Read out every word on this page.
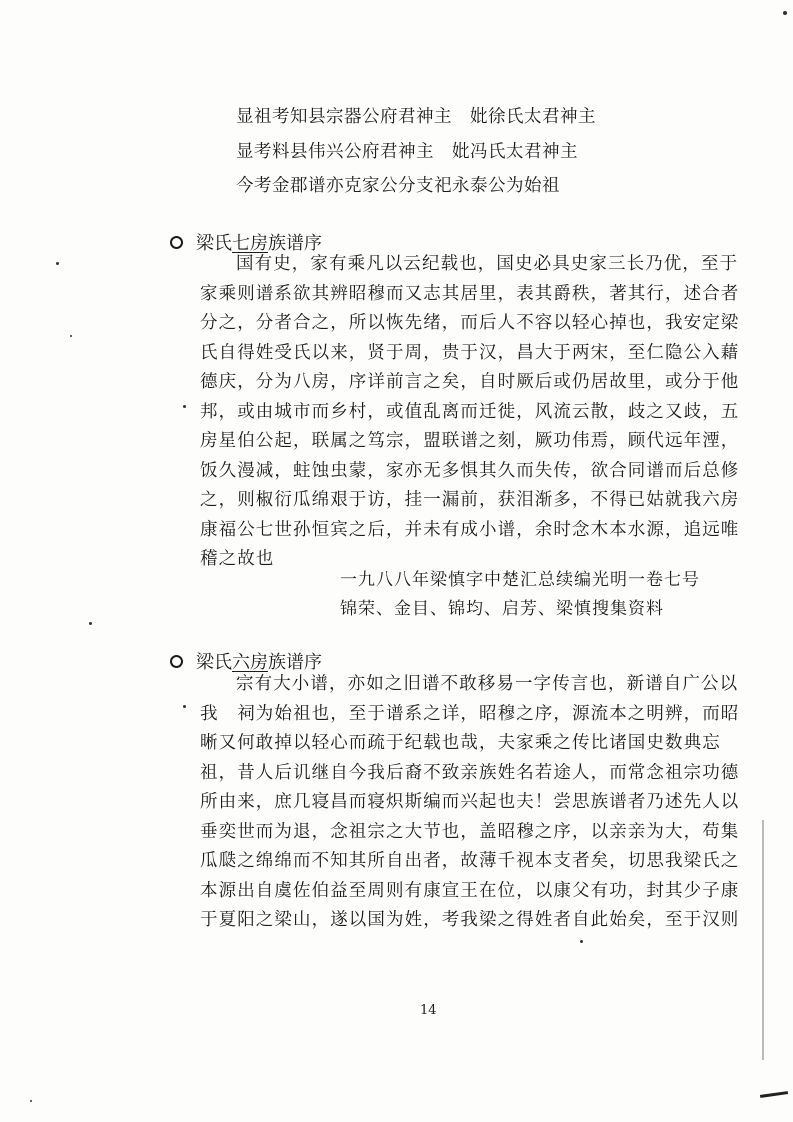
显祖考知县宗器公府君神主　妣徐氏太君神主
显考料县伟兴公府君神主　妣冯氏太君神主
今考金郡谱亦克家公分支祀永泰公为始祖
梁氏 七房 族谱序
国有史，家有乘凡以云纪载也，国史必具史家三长乃优，至于
家乘则谱系欲其辨昭穆而又志其居里，表其爵秩，著其行，述合者
分之，分者合之，所以恢先绪，而后人不容以轻心掉也，我安定梁
氏自得姓受氏以来，贤于周，贵于汉，昌大于两宋，至仁隐公入藉
德庆，分为八房，序详前言之矣，自时厥后或仍居故里，或分于他
邦，或由城市而乡村，或值乱离而迁徙，风流云散，歧之又歧，五
房星伯公起，联属之笃宗，盟联谱之刻，厥功伟焉，顾代远年湮，
饭久漫减，蛀蚀虫蒙，家亦无多惧其久而失传，欲合同谱而后总修
之，则椒衍瓜绵艰于访，挂一漏前，获泪渐多，不得已姑就我六房
康福公七世孙恒宾之后，并未有成小谱，余时念木本水源，追远唯
稽之故也
一九八八年梁慎字中楚汇总续编光明一卷七号
锦荣、金目、锦均、启芳、梁慎搜集资料
梁氏 六房 族谱序
宗有大小谱，亦如之旧谱不敢移易一字传言也，新谱自广公以
我　祠为始祖也，至于谱系之详，昭穆之序，源流本之明辨，而昭
晰又何敢掉以轻心而疏于纪载也哉，夫家乘之传比诸国史数典忘
祖，昔人后讥继自今我后裔不致亲族姓名若途人，而常念祖宗功德
所由来，庶几寝昌而寝炽斯编而兴起也夫！尝思族谱者乃述先人以
垂奕世而为退，念祖宗之大节也，盖昭穆之序，以亲亲为大，苟集
瓜瓞之绵绵而不知其所自出者，故薄千视本支者矣，切思我梁氏之
本源出自虞佐伯益至周则有康宣王在位，以康父有功，封其少子康
于夏阳之梁山，遂以国为姓，考我梁之得姓者自此始矣，至于汉则
14
